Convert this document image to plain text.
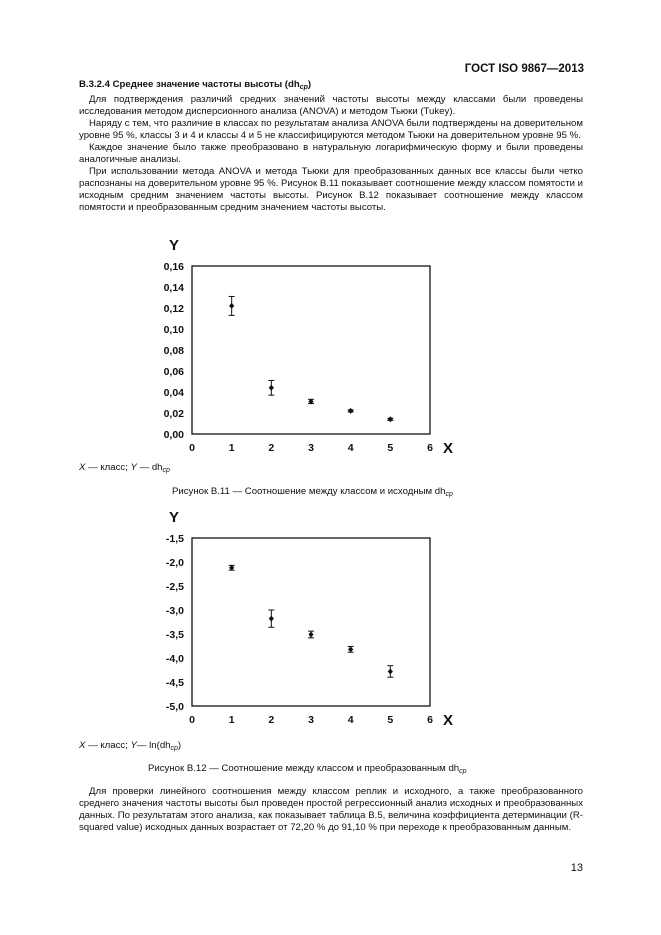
ГОСТ ISO 9867—2013

В.3.2.4 Среднее значение частоты высоты $(dh_{cp})$

Для подтверждения различий средних значений частоты высоты между классами были проведены исследования методом дисперсионного анализа (ANOVA) и методом Тьюки (Tukey).

Наряду с тем, что различие в классах по результатам анализа ANOVA были подтверждены на доверительном уровне 95 %, классы 3 и 4 и классы 4 и 5 не классифицируются методом Тьюки на доверительном уровне 95 %.

Каждое значение было также преобразовано в натуральную логарифмическую форму и были проведены аналогичные анализы.

При использовании метода ANOVA и метода Тьюки для преобразованных данных все классы были четко распознаны на доверительном уровне 95 %. Рисунок В.11 показывает соотношение между классом помятости и исходным средним значением частоты высоты. Рисунок В.12 показывает соотношение между классом помятости и преобразованным средним значением частоты высоты.

0,00
0,02
0,04
0,06
0,08
0,10
0,12
0,14
0,16
0	1	2	3	4	5	6
Y
X
X — класс; Y — $dh_{cp}$
Рисунок В.11 — Соотношение между классом и исходным $dh_{cp}$
-5,0
-4,5
-4,0
-3,5
-3,0
-2,5
-2,0
-1,5
0	1	2	3	4	5	6
Y
X
X — класс; Y— $\ln(dh_{cp})$
Рисунок В.12 — Соотношение между классом и преобразованным $dh_{cp}$

Для проверки линейного соотношения между классом реплик и исходного, а также преобразованного среднего значения частоты высоты был проведен простой регрессионный анализ исходных и преобразованных данных. По результатам этого анализа, как показывает таблица В.5, величина коэффициента детерминации (R-squared value) исходных данных возрастает от 72,20 % до 91,10 % при переходе к преобразованным данным.

13
